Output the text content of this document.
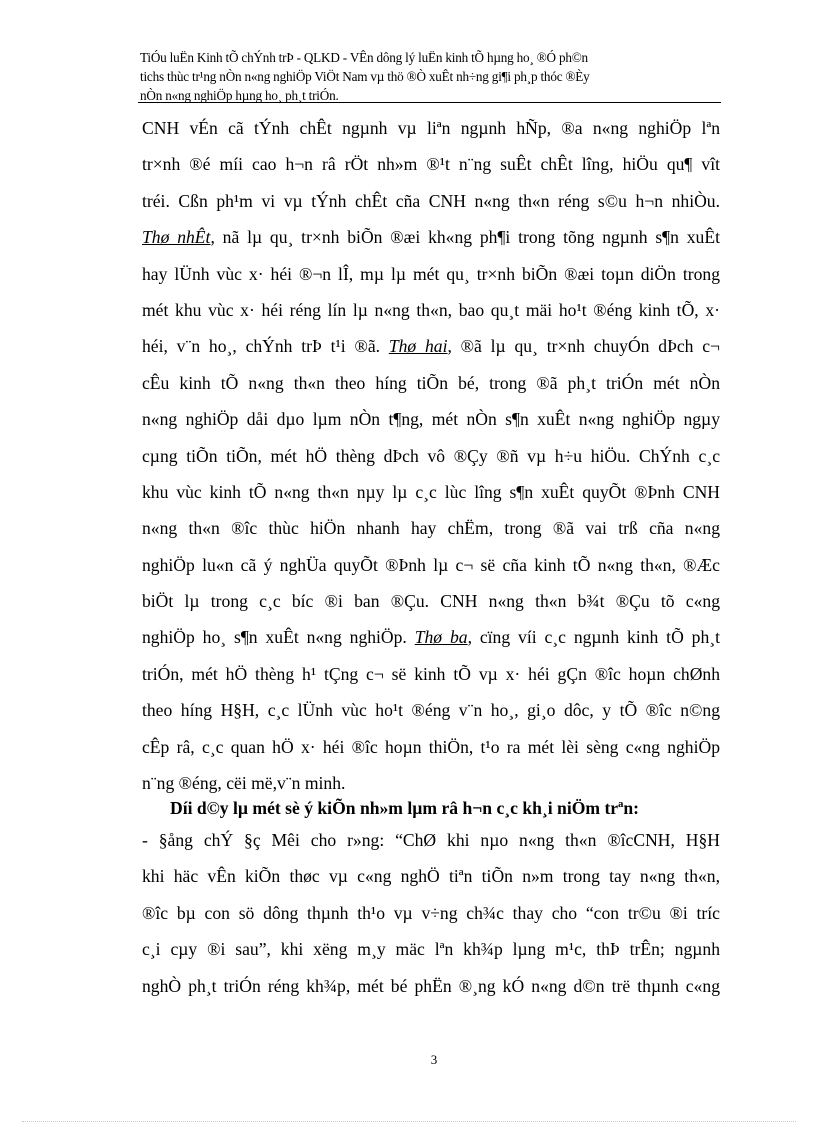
TiÓu luËn Kinh tÕ chÝnh trÞ - QLKD - VÊn dông lý luËn kinh tÕ hµng ho¸ ®Ó ph©n
tichs thùc tr¹ng nÒn n«ng nghiÖp ViÖt Nam vµ thö ®Ò xuÊt nh÷ng gi¶i ph¸p thóc ®Èy
nÒn n«ng nghiÖp hµng ho¸ ph¸t triÓn.
CNH vÉn cã tÝnh chÊt ngµnh vµ liªn ngµnh hÑp, ®a n«ng nghiÖp lªn
tr×nh ®é míi cao h¬n râ rÖt nh»m ®¹t n¨ng suÊt chÊt lîng, hiÖu qu¶ vît
tréi. Cßn ph¹m vi vµ tÝnh chÊt cña CNH n«ng th«n réng s©u h¬n nhiÒu.
Thø nhÊt, nã lµ qu¸ tr×nh biÕn ®æi kh«ng ph¶i trong tõng ngµnh s¶n xuÊt
hay lÜnh vùc x· héi ®¬n lÎ, mµ lµ mét qu¸ tr×nh biÕn ®æi toµn diÖn trong
mét khu vùc x· héi réng lín lµ n«ng th«n, bao qu¸t mäi ho¹t ®éng kinh tÕ, x·
héi, v¨n ho¸, chÝnh trÞ t¹i ®ã. Thø hai, ®ã lµ qu¸ tr×nh chuyÓn dÞch c¬
cÊu kinh tÕ n«ng th«n theo híng tiÕn bé, trong ®ã ph¸t triÓn mét nÒn
n«ng nghiÖp dåi dµo lµm nÒn t¶ng, mét nÒn s¶n xuÊt n«ng nghiÖp ngµy
cµng tiÕn tiÕn, mét hÖ thèng dÞch vô ®Çy ®ñ vµ h÷u hiÖu. ChÝnh c¸c
khu vùc kinh tÕ n«ng th«n nµy lµ c¸c lùc lîng s¶n xuÊt quyÕt ®Þnh CNH
n«ng th«n ®îc thùc hiÖn nhanh hay chËm, trong ®ã vai trß cña n«ng
nghiÖp lu«n cã ý nghÜa quyÕt ®Þnh lµ c¬ së cña kinh tÕ n«ng th«n, ®Æc
biÖt lµ trong c¸c bíc ®i ban ®Çu. CNH n«ng th«n b¾t ®Çu tõ c«ng
nghiÖp ho¸ s¶n xuÊt n«ng nghiÖp. Thø ba, cïng víi c¸c ngµnh kinh tÕ ph¸t
triÓn, mét hÖ thèng h¹ tÇng c¬ së kinh tÕ vµ x· héi gÇn ®îc hoµn chØnh
theo híng H§H, c¸c lÜnh vùc ho¹t ®éng v¨n ho¸, gi¸o dôc, y tÕ ®îc n©ng
cÊp râ, c¸c quan hÖ x· héi ®îc hoµn thiÖn, t¹o ra mét lèi sèng c«ng nghiÖp
n¨ng ®éng, cëi më,v¨n minh.
Díi d©y lµ mét sè ý kiÕn nh»m lµm râ h¬n c¸c kh¸i niÖm trªn:
- §ång chÝ §ç Mêi cho r»ng: “ChØ khi nµo n«ng th«n ®îcCNH, H§H
khi häc vÊn kiÕn thøc vµ c«ng nghÖ tiªn tiÕn n»m trong tay n«ng th«n,
®îc bµ con sö dông thµnh th¹o vµ v÷ng ch¾c thay cho “con tr©u ®i tríc
c¸i cµy ®i sau”, khi xëng m¸y mäc lªn kh¾p lµng m¹c, thÞ trÊn; ngµnh
nghÒ ph¸t triÓn réng kh¾p, mét bé phËn ®¸ng kÓ n«ng d©n trë thµnh c«ng
3
